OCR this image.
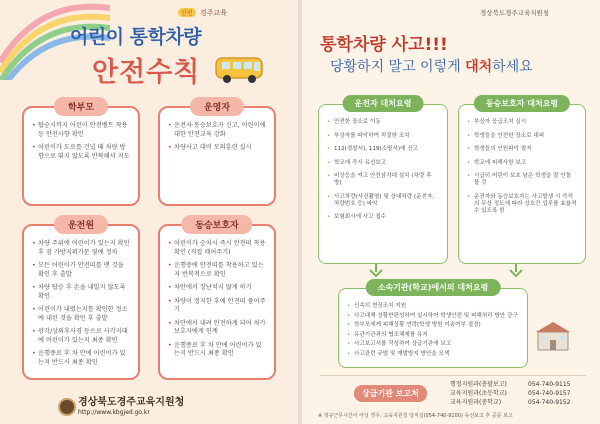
안전 경주교육
어린이 통학차량
안전수칙
학부모
• 탑승시까지 어린이 안전벨트 착용 등 안전사항 확인
• 어린이가 도로를 건널 때 차량 방향으로 뛰지 않도록 반복해서 지도
운영자
• 운전자·동승보호자 신고, 어린이에 대한 안전교육 강화
• 차량사고 대비 모의훈련 실시
운전원
• 차량 주위에 어린이가 있는지 확인 후 잠 가방지퍼가문 옆에 정차
• 모든 어린이가 안전띠를 맨 것을 확인 후 출발
• 차량 탑승 후 손을 내밀지 않도록 확인
• 어린이가 내렸는지를 확인한 정소에 내린 것을 확인 후 출발
• 광각/상외후사경 등으로 사각지대에 어린이가 있는지 최종 확인
• 운행종료 후 차 안에 어린이가 있는지 반드시 최종 확인
동승보호자
• 어린이가 승차시 즉시 안전띠 착용확인 (직접 매어주기)
• 운행중에 안전띠를 착용하고 있는지 반복적으로 확인
• 차안에서 장난치지 않게 하기
• 차량이 정지한 후에 안전띠 풀어주기
• 차안에서 내려 안전하게 되어 차가 보호자에게 인계
• 운행종료 후 차 안에 어린이가 있는지 반드시 최종 확인
경상북도경주교육지원청
http://www.kbgjed.go.kr
경상북도경주교육지원청
통학차량 사고!!!
당황하지 말고 이렇게 대처하세요
운전자 대처요령
• 안전한 장소로 이동
• 부상자를 파악하여 적절한 조치
• 112(경찰서), 119(소방서)에 신고
• 학교에 즉시 유선보고
• 비상등을 켜고 안전삼각대 설치 (차량 후방)
• 사고차량(사진촬영) 및 상대차량 (운전자, 차량번호 등) 파악
• 보험회사에 사고 접수
동승보호자 대처요령
• 부상자 응급조치 실시
• 학생들을 안전한 장소로 대피
• 학생들의 인원파악 철저
• 학교에 피해사항 보고
• 시급히 어린이 보호 남은 학생을 잘 안돌 볼 것
• 운전자와 동승보호자는 사고발생 시 즉석의 무상 정도에 따라 상호간 업무를 효율적 수 있도록 함
소속기관(학교)에서의 대처요령
• 신속히 현장조치 지원
• 사고대책 상황반편성하여 실시하여 학생안전 및 피해처리 방안 강구
• 학부모에게 피해상황 연락(학생 병원 이송여부 결정)
• 유관기관과의 협조체제를 유지
• 사고보고서를 작성하여 상급기관에 보고
• 사고관련 규범 및 재발방지 방안을 모색
상급기관 보고처
행정지원과(총괄보고)	054-740-9115
교육지원과(초등학교)	054-740-9157
교육지원과(중학교)	054-740-9152
※ 정규근무시간이 아닐 경우: 교육지원청 당직실(054-740-9100) 유선보고 후 공문 보고
